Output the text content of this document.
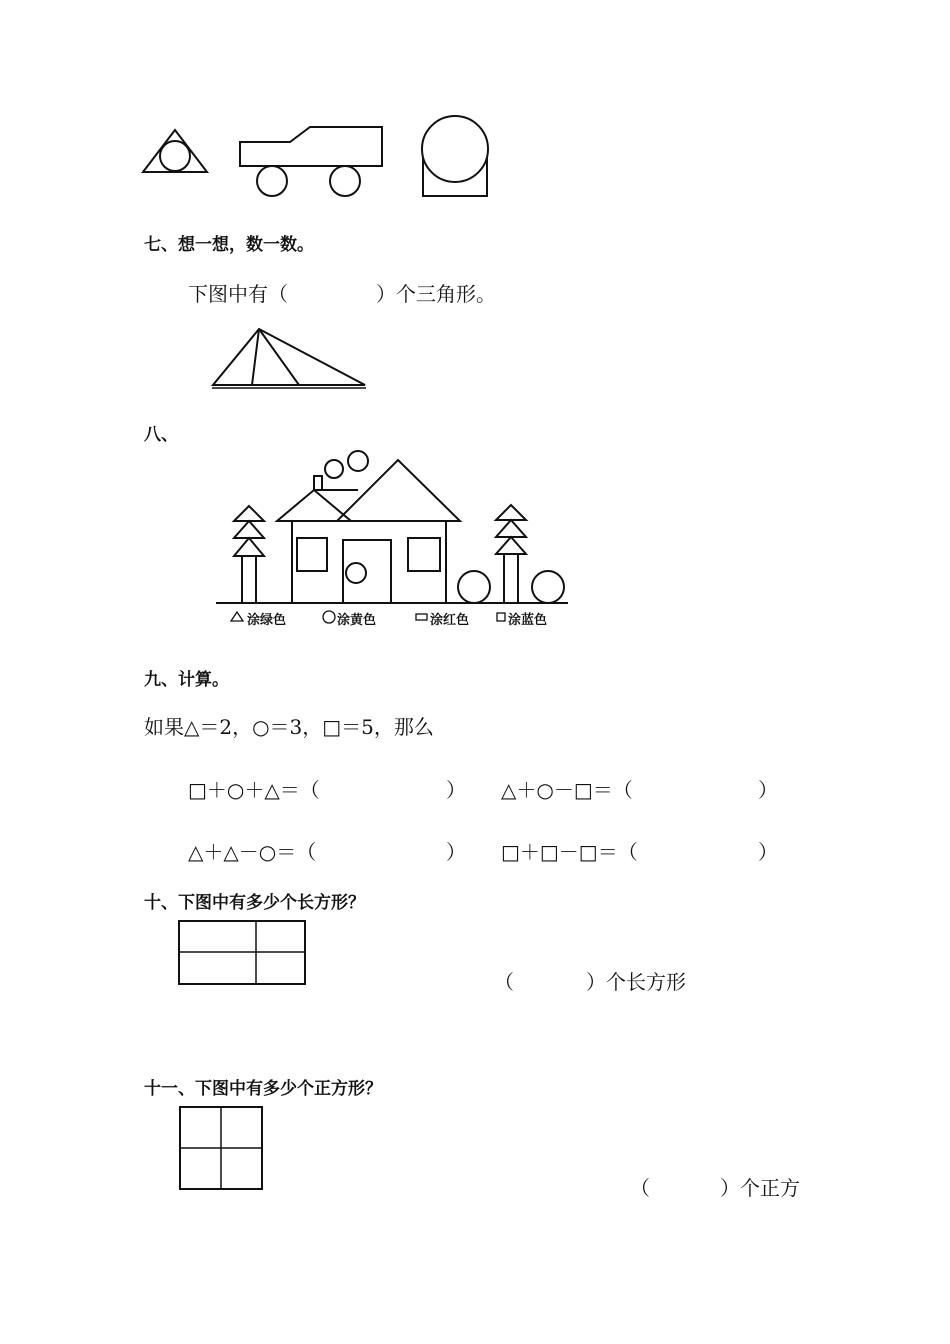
七、想一想，数一数。
下图中有（	）个三角形。
八、
涂绿色	涂黄色	涂红色	涂蓝色
九、计算。
如果△＝2，○＝3，□＝5，那么
□＋○＋△＝（	） △＋○－□＝（	）
△＋△－○＝（	） □＋□－□＝（	）
十、下图中有多少个长方形？
（	）个长方形
十一、下图中有多少个正方形？
（	）个正方
